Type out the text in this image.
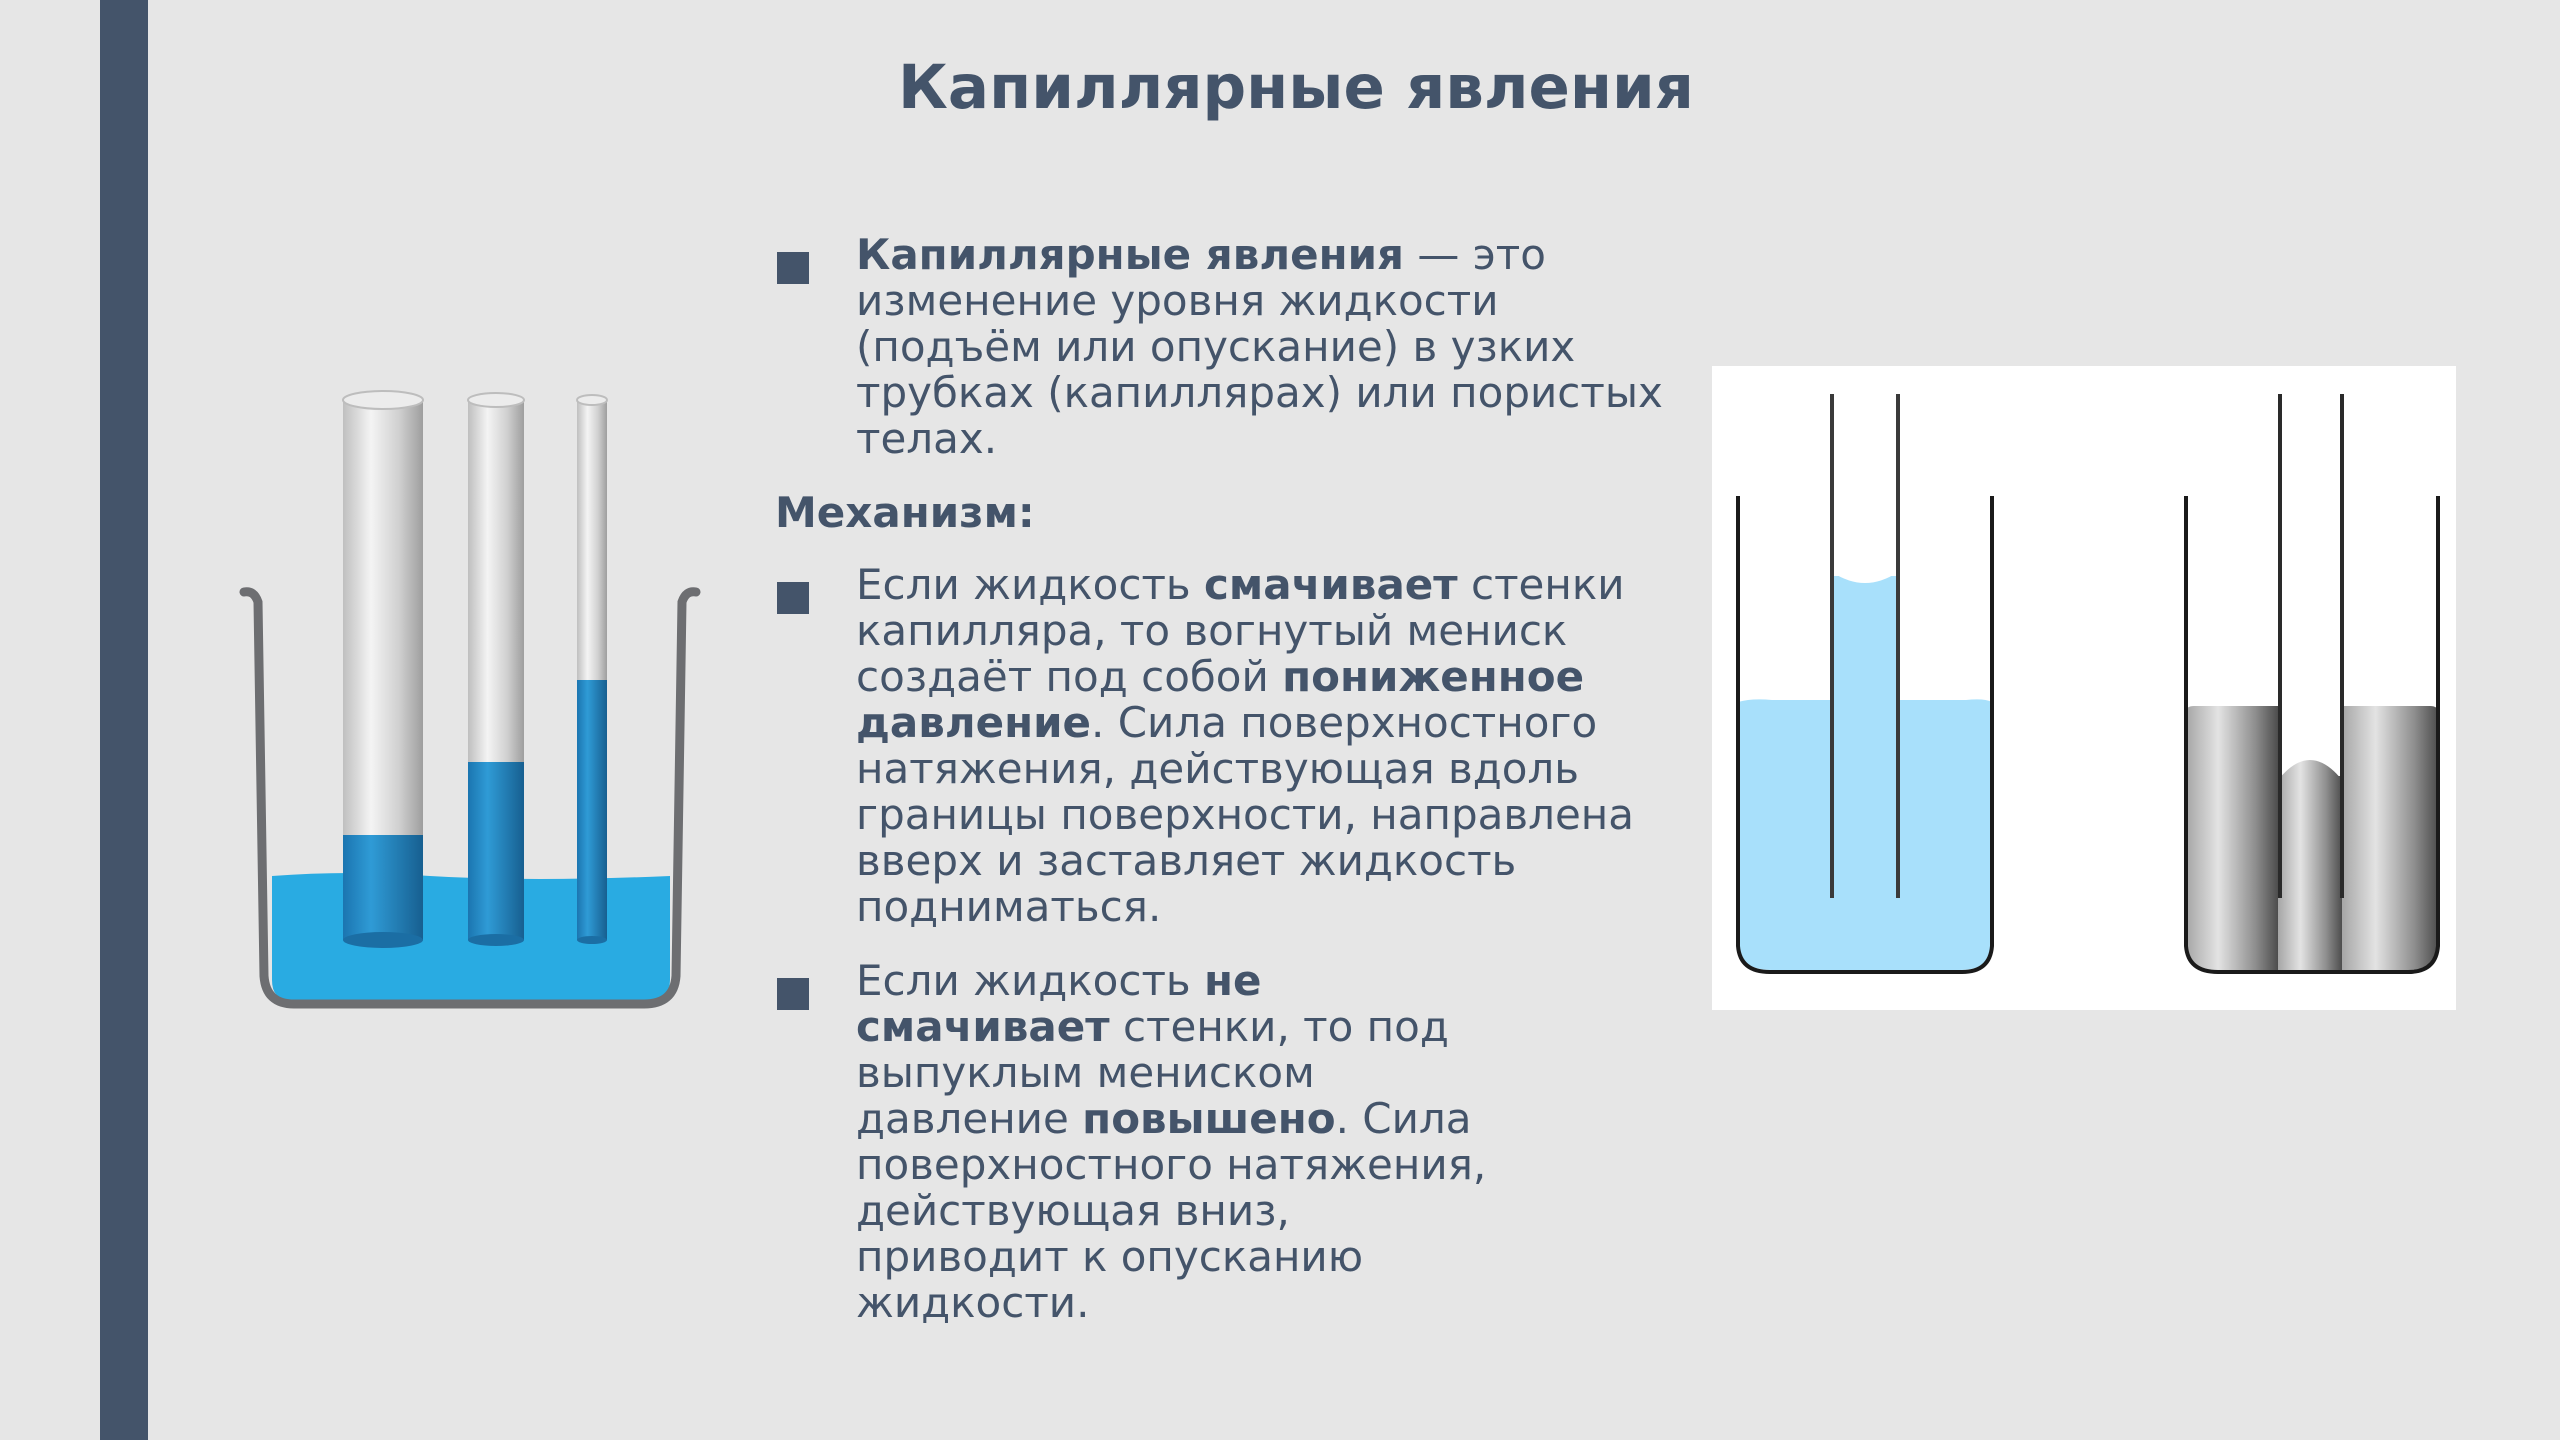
Капиллярные явления
Капиллярные явления — это изменение уровня жидкости (подъём или опускание) в узких трубках (капиллярах) или пористых телах.
Механизм:
Если жидкость смачивает стенки капилляра, то вогнутый мениск создаёт под собой пониженное давление. Сила поверхностного натяжения, действующая вдоль границы поверхности, направлена вверх и заставляет жидкость подниматься.
Если жидкость не смачивает стенки, то под выпуклым мениском давление повышено. Сила поверхностного натяжения, действующая вниз, приводит к опусканию жидкости.
